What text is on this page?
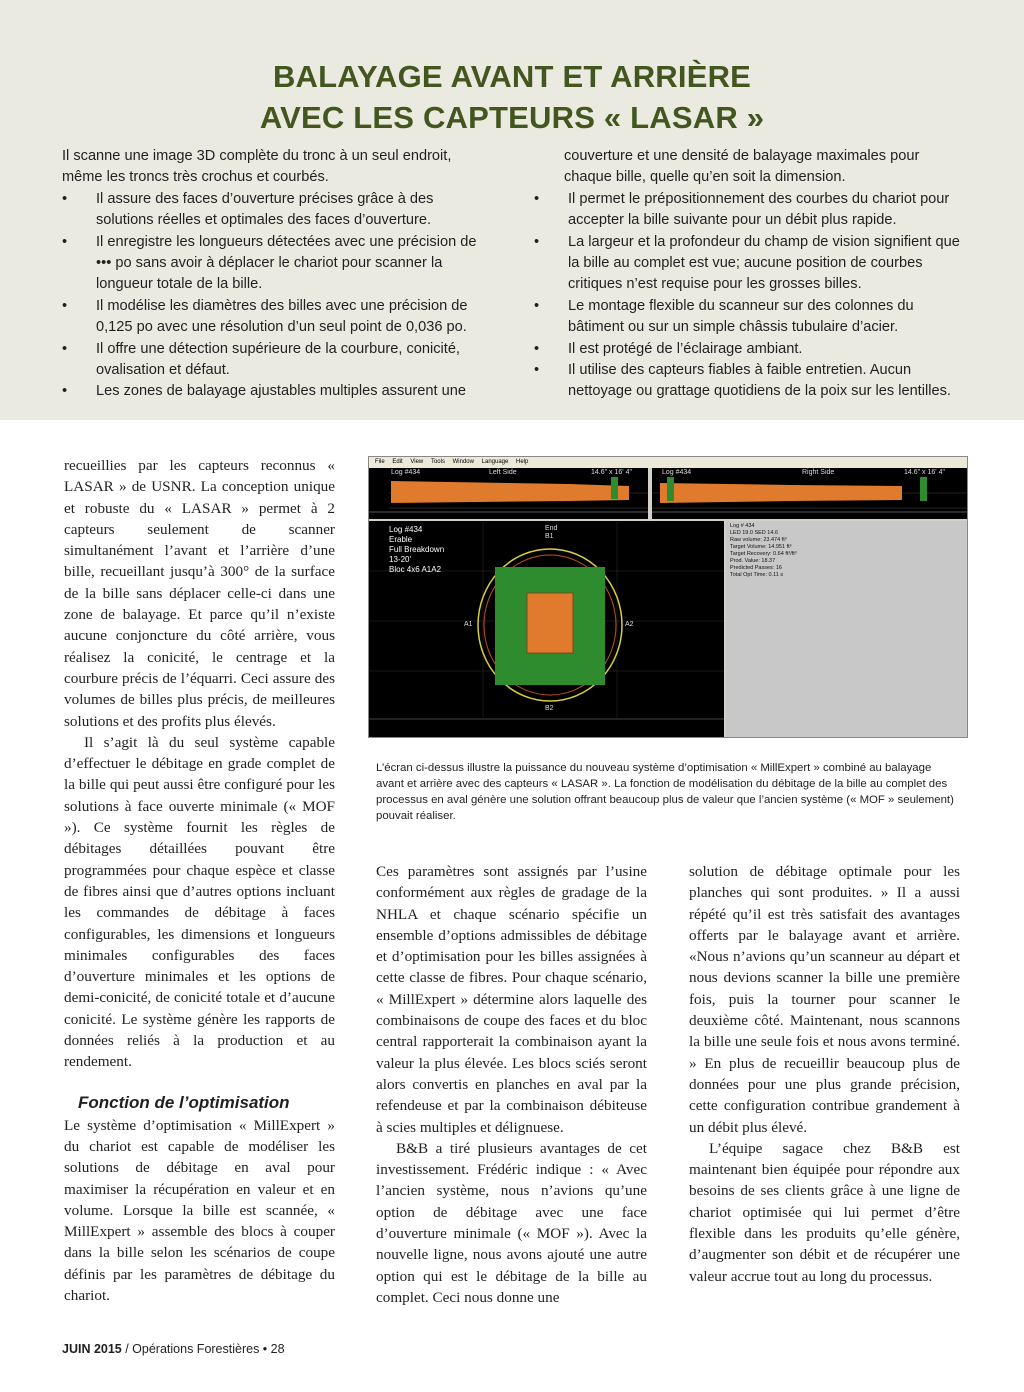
BALAYAGE AVANT ET ARRIÈRE
AVEC LES CAPTEURS « LASAR »

Il scanne une image 3D complète du tronc à un seul endroit, même les troncs très crochus et courbés.

• Il assure des faces d’ouverture précises grâce à des solutions réelles et optimales des faces d’ouverture.
• Il enregistre les longueurs détectées avec une précision de ••• po sans avoir à déplacer le chariot pour scanner la longueur totale de la bille.
• Il modélise les diamètres des billes avec une précision de 0,125 po avec une résolution d’un seul point de 0,036 po.
• Il offre une détection supérieure de la courbure, conicité, ovalisation et défaut.
• Les zones de balayage ajustables multiples assurent une

couverture et une densité de balayage maximales pour chaque bille, quelle qu’en soit la dimension.

• Il permet le prépositionnement des courbes du chariot pour accepter la bille suivante pour un débit plus rapide.
• La largeur et la profondeur du champ de vision signifient que la bille au complet est vue; aucune position de courbes critiques n’est requise pour les grosses billes.
• Le montage flexible du scanneur sur des colonnes du bâtiment ou sur un simple châssis tubulaire d’acier.
• Il est protégé de l’éclairage ambiant.
• Il utilise des capteurs fiables à faible entretien. Aucun nettoyage ou grattage quotidiens de la poix sur les lentilles.

recueillies par les capteurs reconnus « LASAR » de USNR. La conception unique et robuste du « LASAR » permet à 2 capteurs seulement de scanner simultanément l’avant et l’arrière d’une bille, recueillant jusqu’à 300° de la surface de la bille sans déplacer celle-ci dans une zone de balayage. Et parce qu’il n’existe aucune conjoncture du côté arrière, vous réalisez la conicité, le centrage et la courbure précis de l’équarri. Ceci assure des volumes de billes plus précis, de meilleures solutions et des profits plus élevés.

Il s’agit là du seul système capable d’effectuer le débitage en grade complet de la bille qui peut aussi être configuré pour les solutions à face ouverte minimale (« MOF »). Ce système fournit les règles de débitages détaillées pouvant être programmées pour chaque espèce et classe de fibres ainsi que d’autres options incluant les commandes de débitage à faces configurables, les dimensions et longueurs minimales configurables des faces d’ouverture minimales et les options de demi-conicité, de conicité totale et d’aucune conicité. Le système génère les rapports de données reliés à la production et au rendement.

Fonction de l’optimisation

Le système d’optimisation « MillExpert » du chariot est capable de modéliser les solutions de débitage en aval pour maximiser la récupération en valeur et en volume. Lorsque la bille est scannée, « MillExpert » assemble des blocs à couper dans la bille selon les scénarios de coupe définis par les paramètres de débitage du chariot.

File Edit View Tools Window Language Help
Left Side	14.6" x 16' 4"
Log #434	Right Side	14.6" x 16' 4"
Log #434
Log #434
Erable
Full Breakdown
13-20'
Bloc 4x6 A1A2
End
B1
B2
A1	A2
Log # 434
LED 19.0 SED 14.6
Raw volume: 23.474 ft³
Target Volume: 14.951 ft³
Target Recovery: 0.64 ft³/ft³
Prod. Value: 18.37
Predicted Passes: 16
Total Opt Time: 0.11 s

L’écran ci-dessus illustre la puissance du nouveau système d’optimisation « MillExpert » combiné au balayage avant et arrière avec des capteurs « LASAR ». La fonction de modélisation du débitage de la bille au complet des processus en aval génère une solution offrant beaucoup plus de valeur que l’ancien système (« MOF » seulement) pouvait réaliser.

Ces paramètres sont assignés par l’usine conformément aux règles de gradage de la NHLA et chaque scénario spécifie un ensemble d’options admissibles de débitage et d’optimisation pour les billes assignées à cette classe de fibres. Pour chaque scénario, « MillExpert » détermine alors laquelle des combinaisons de coupe des faces et du bloc central rapporterait la combinaison ayant la valeur la plus élevée. Les blocs sciés seront alors convertis en planches en aval par la refendeuse et par la combinaison débiteuse à scies multiples et délignuese.

B&B a tiré plusieurs avantages de cet investissement. Frédéric indique : « Avec l’ancien système, nous n’avions qu’une option de débitage avec une face d’ouverture minimale (« MOF »). Avec la nouvelle ligne, nous avons ajouté une autre option qui est le débitage de la bille au complet. Ceci nous donne une

solution de débitage optimale pour les planches qui sont produites. » Il a aussi répété qu’il est très satisfait des avantages offerts par le balayage avant et arrière. «Nous n’avions qu’un scanneur au départ et nous devions scanner la bille une première fois, puis la tourner pour scanner le deuxième côté. Maintenant, nous scannons la bille une seule fois et nous avons terminé. » En plus de recueillir beaucoup plus de données pour une plus grande précision, cette configuration contribue grandement à un débit plus élevé.

L’équipe sagace chez B&B est maintenant bien équipée pour répondre aux besoins de ses clients grâce à une ligne de chariot optimisée qui lui permet d’être flexible dans les produits qu’elle génère, d’augmenter son débit et de récupérer une valeur accrue tout au long du processus.

JUIN 2015 / Opérations Forestières • 28
